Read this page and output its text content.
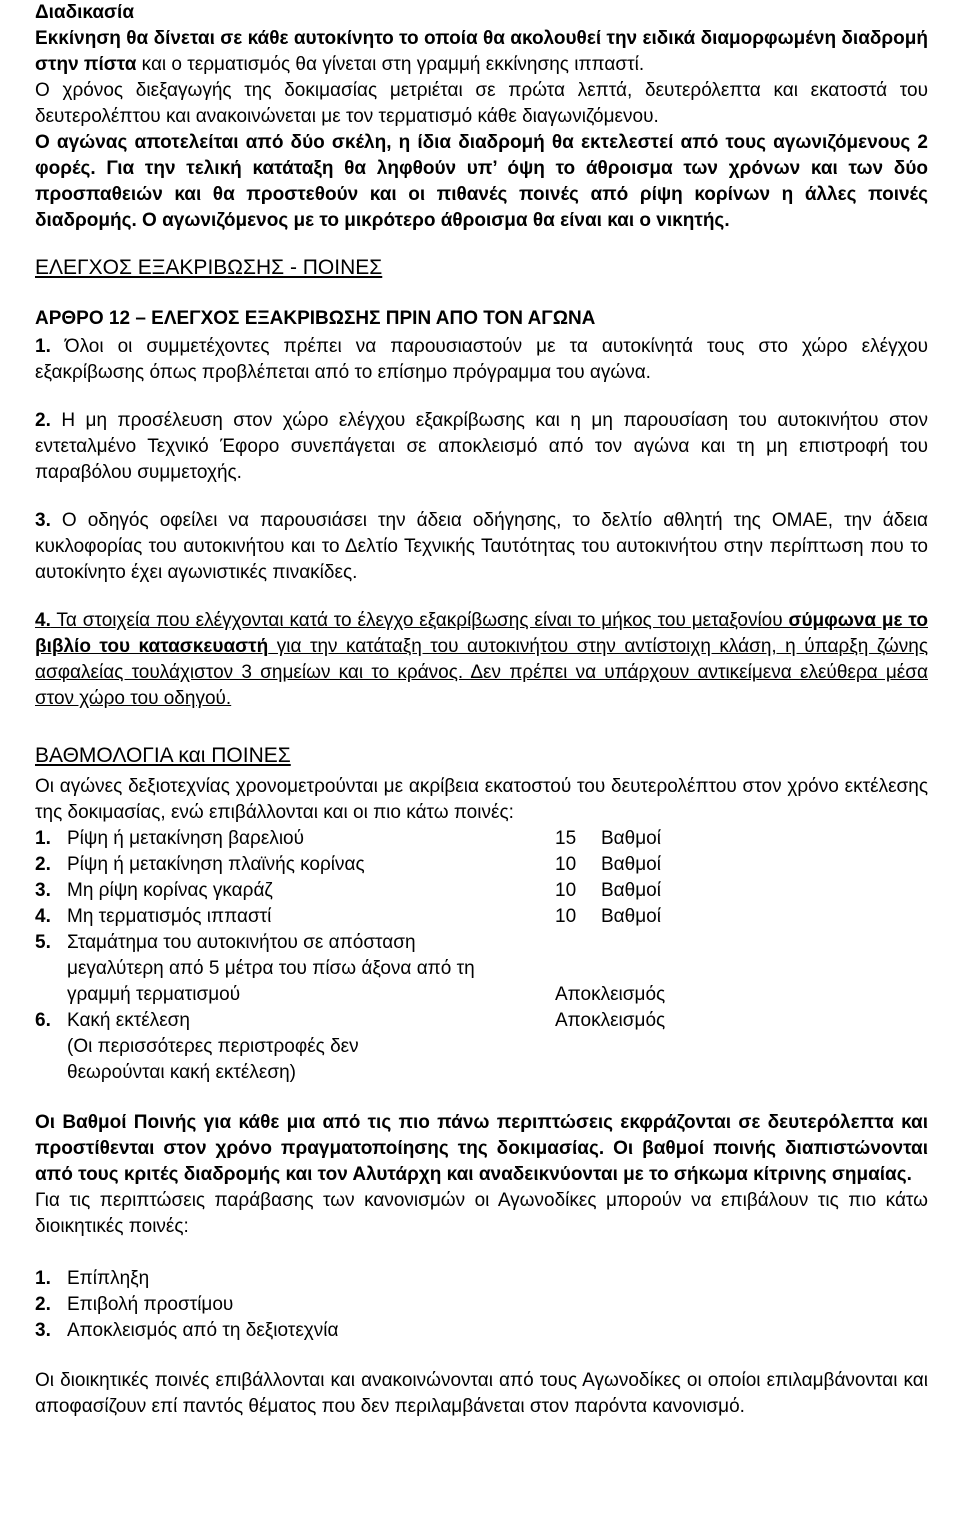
Διαδικασία

Εκκίνηση θα δίνεται σε κάθε αυτοκίνητο το οποία θα ακολουθεί την ειδικά διαμορφωμένη διαδρομή στην πίστα και ο τερματισμός θα γίνεται στη γραμμή εκκίνησης ιππαστί.

Ο χρόνος διεξαγωγής της δοκιμασίας μετριέται σε πρώτα λεπτά, δευτερόλεπτα και εκατοστά του δευτερολέπτου και ανακοινώνεται με τον τερματισμό κάθε διαγωνιζόμενου.

Ο αγώνας αποτελείται από δύο σκέλη, η ίδια διαδρομή θα εκτελεστεί από τους αγωνιζόμενους 2 φορές. Για την τελική κατάταξη θα ληφθούν υπ’ όψη το άθροισμα των χρόνων και των δύο προσπαθειών και θα προστεθούν και οι πιθανές ποινές από ρίψη κορίνων η άλλες ποινές διαδρομής. Ο αγωνιζόμενος με το μικρότερο άθροισμα θα είναι και ο νικητής.

ΕΛΕΓΧΟΣ ΕΞΑΚΡΙΒΩΣΗΣ - ΠΟΙΝΕΣ

ΑΡΘΡΟ 12 – ΕΛΕΓΧΟΣ ΕΞΑΚΡΙΒΩΣΗΣ ΠΡΙΝ ΑΠΟ ΤΟΝ ΑΓΩΝΑ

1. Όλοι οι συμμετέχοντες πρέπει να παρουσιαστούν με τα αυτοκίνητά τους στο χώρο ελέγχου εξακρίβωσης όπως προβλέπεται από το επίσημο πρόγραμμα του αγώνα.

2. Η μη προσέλευση στον χώρο ελέγχου εξακρίβωσης και η μη παρουσίαση του αυτοκινήτου στον εντεταλμένο Τεχνικό Έφορο συνεπάγεται σε αποκλεισμό από τον αγώνα και τη μη επιστροφή του παραβόλου συμμετοχής.

3. Ο οδηγός οφείλει να παρουσιάσει την άδεια οδήγησης, το δελτίο αθλητή της ΟΜΑΕ, την άδεια κυκλοφορίας του αυτοκινήτου και το Δελτίο Τεχνικής Ταυτότητας του αυτοκινήτου στην περίπτωση που το αυτοκίνητο έχει αγωνιστικές πινακίδες.

4. Τα στοιχεία που ελέγχονται κατά το έλεγχο εξακρίβωσης είναι το μήκος του μεταξονίου σύμφωνα με το βιβλίο του κατασκευαστή για την κατάταξη του αυτοκινήτου στην αντίστοιχη κλάση, η ύπαρξη ζώνης ασφαλείας τουλάχιστον 3 σημείων και το κράνος. Δεν πρέπει να υπάρχουν αντικείμενα ελεύθερα μέσα στον χώρο του οδηγού.

ΒΑΘΜΟΛΟΓΙΑ και ΠΟΙΝΕΣ

Οι αγώνες δεξιοτεχνίας χρονομετρούνται με ακρίβεια εκατοστού του δευτερολέπτου στον χρόνο εκτέλεσης της δοκιμασίας, ενώ επιβάλλονται και οι πιο κάτω ποινές:

1. Ρίψη ή μετακίνηση βαρελιού	15	Βαθμοί
2. Ρίψη ή μετακίνηση πλαϊνής κορίνας	10	Βαθμοί
3. Μη ρίψη κορίνας γκαράζ	10	Βαθμοί
4. Μη τερματισμός ιππαστί	10	Βαθμοί
5. Σταμάτημα του αυτοκινήτου σε απόσταση
μεγαλύτερη από 5 μέτρα του πίσω άξονα από τη
γραμμή τερματισμού	Αποκλεισμός
6. Κακή εκτέλεση	Αποκλεισμός
(Οι περισσότερες περιστροφές δεν
θεωρούνται κακή εκτέλεση)

Οι Βαθμοί Ποινής για κάθε μια από τις πιο πάνω περιπτώσεις εκφράζονται σε δευτερόλεπτα και προστίθενται στον χρόνο πραγματοποίησης της δοκιμασίας. Οι βαθμοί ποινής διαπιστώνονται από τους κριτές διαδρομής και τον Αλυτάρχη και αναδεικνύονται με το σήκωμα κίτρινης σημαίας.

Για τις περιπτώσεις παράβασης των κανονισμών οι Αγωνοδίκες μπορούν να επιβάλουν τις πιο κάτω διοικητικές ποινές:

1. Επίπληξη
2. Επιβολή προστίμου
3. Αποκλεισμός από τη δεξιοτεχνία

Οι διοικητικές ποινές επιβάλλονται και ανακοινώνονται από τους Αγωνοδίκες οι οποίοι επιλαμβάνονται και αποφασίζουν επί παντός θέματος που δεν περιλαμβάνεται στον παρόντα κανονισμό.
